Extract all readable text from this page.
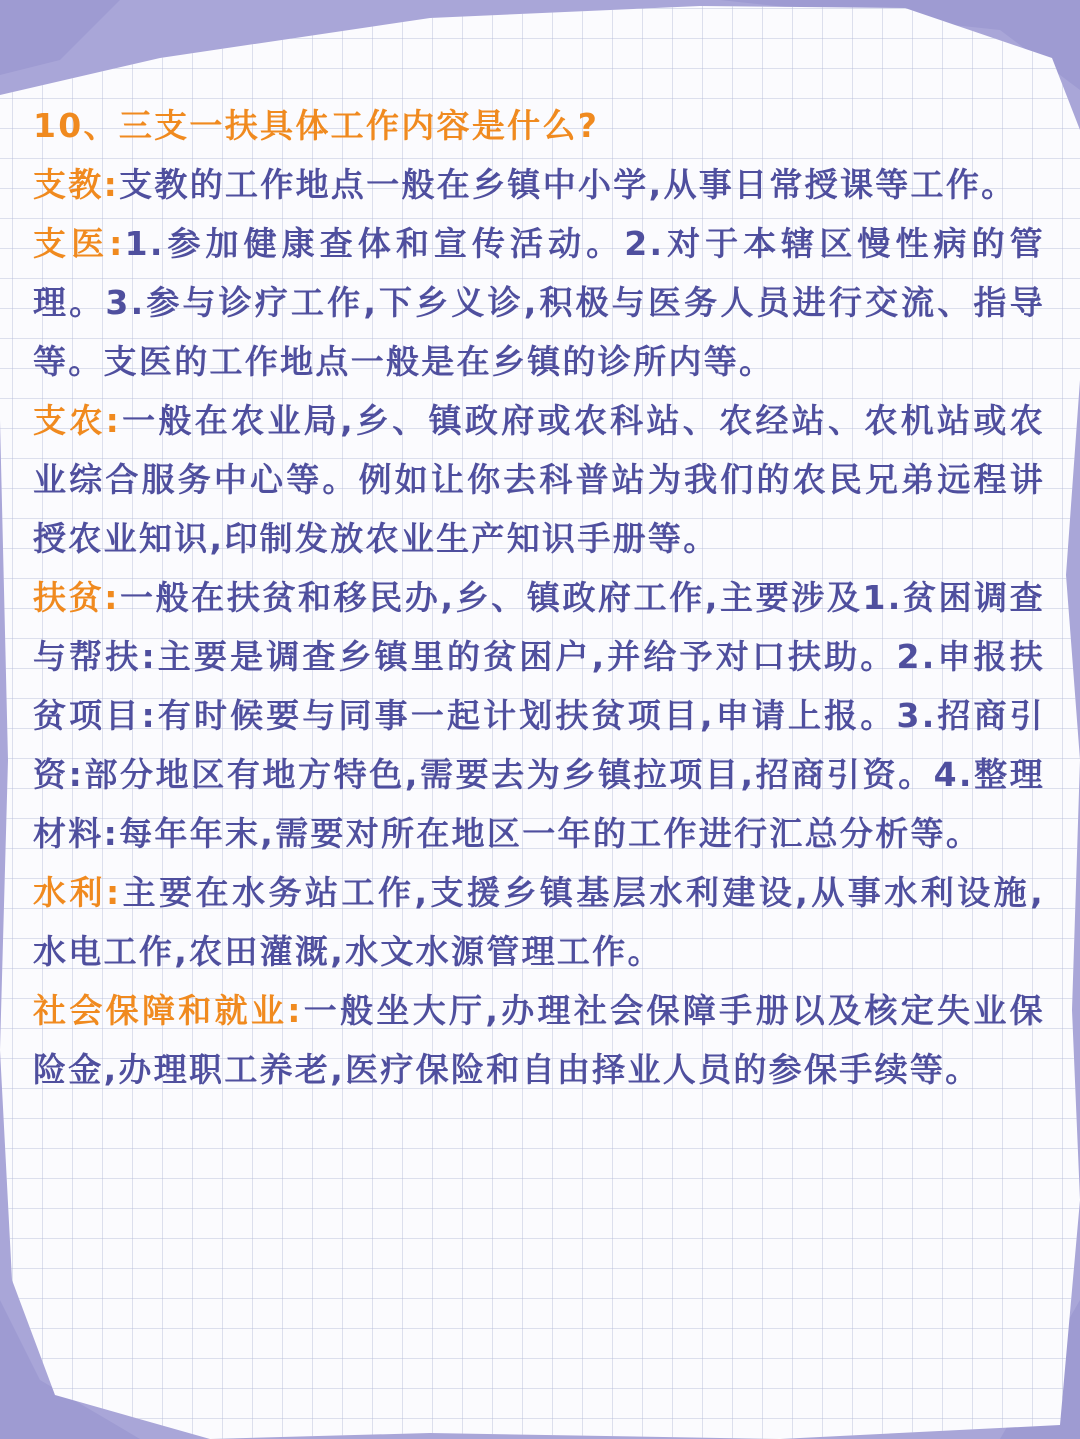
10、三支一扶具体工作内容是什么?

支教:支教的工作地点一般在乡镇中小学,从事日常授课等工作。

支医:1.参加健康查体和宣传活动。2.对于本辖区慢性病的管理。3.参与诊疗工作,下乡义诊,积极与医务人员进行交流、指导等。支医的工作地点一般是在乡镇的诊所内等。

支农:一般在农业局,乡、镇政府或农科站、农经站、农机站或农业综合服务中心等。例如让你去科普站为我们的农民兄弟远程讲授农业知识,印制发放农业生产知识手册等。

扶贫:一般在扶贫和移民办,乡、镇政府工作,主要涉及1.贫困调查与帮扶:主要是调查乡镇里的贫困户,并给予对口扶助。2.申报扶贫项目:有时候要与同事一起计划扶贫项目,申请上报。3.招商引资:部分地区有地方特色,需要去为乡镇拉项目,招商引资。4.整理材料:每年年末,需要对所在地区一年的工作进行汇总分析等。

水利:主要在水务站工作,支援乡镇基层水利建设,从事水利设施,水电工作,农田灌溉,水文水源管理工作。

社会保障和就业:一般坐大厅,办理社会保障手册以及核定失业保险金,办理职工养老,医疗保险和自由择业人员的参保手续等。
